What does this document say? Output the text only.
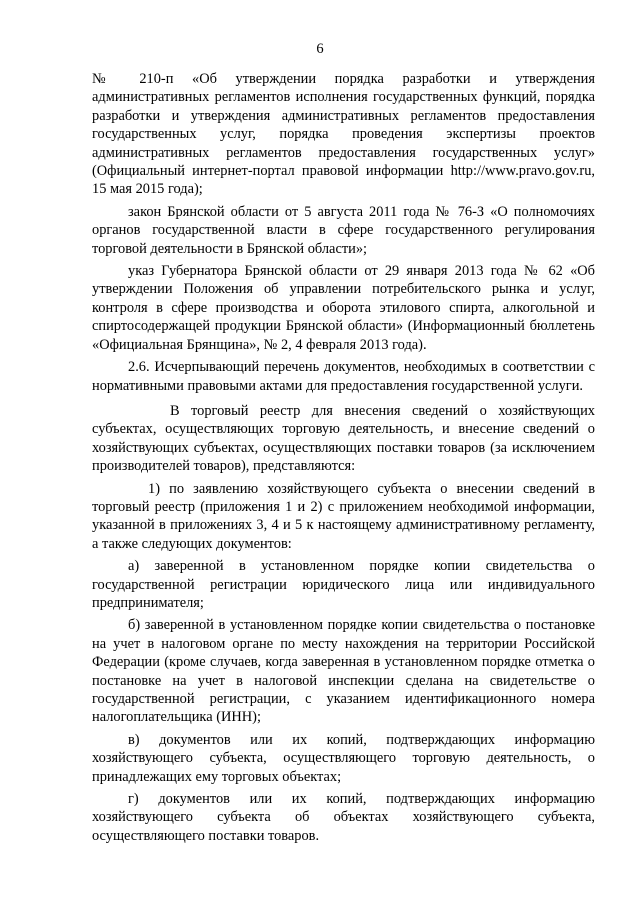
6

№ 210-п «Об утверждении порядка разработки и утверждения административных регламентов исполнения государственных функций, порядка разработки и утверждения административных регламентов предоставления государственных услуг, порядка проведения экспертизы проектов административных регламентов предоставления государственных услуг» (Официальный интернет-портал правовой информации http://www.pravo.gov.ru, 15 мая 2015 года);

закон Брянской области от 5 августа 2011 года № 76-З «О полномочиях органов государственной власти в сфере государственного регулирования торговой деятельности в Брянской области»;

указ Губернатора Брянской области от 29 января 2013 года № 62 «Об утверждении Положения об управлении потребительского рынка и услуг, контроля в сфере производства и оборота этилового спирта, алкогольной и спиртосодержащей продукции Брянской области» (Информационный бюллетень «Официальная Брянщина», № 2, 4 февраля 2013 года).

2.6. Исчерпывающий перечень документов, необходимых в соответствии с нормативными правовыми актами для предоставления государственной услуги.

В торговый реестр для внесения сведений о хозяйствующих субъектах, осуществляющих торговую деятельность, и внесение сведений о хозяйствующих субъектах, осуществляющих поставки товаров (за исключением производителей товаров), представляются:

1) по заявлению хозяйствующего субъекта о внесении сведений в торговый реестр (приложения 1 и 2) с приложением необходимой информации, указанной в приложениях 3, 4 и 5 к настоящему административному регламенту, а также следующих документов:

а) заверенной в установленном порядке копии свидетельства о государственной регистрации юридического лица или индивидуального предпринимателя;

б) заверенной в установленном порядке копии свидетельства о постановке на учет в налоговом органе по месту нахождения на территории Российской Федерации (кроме случаев, когда заверенная в установленном порядке отметка о постановке на учет в налоговой инспекции сделана на свидетельстве о государственной регистрации, с указанием идентификационного номера налогоплательщика (ИНН);

в) документов или их копий, подтверждающих информацию хозяйствующего субъекта, осуществляющего торговую деятельность, о принадлежащих ему торговых объектах;

г) документов или их копий, подтверждающих информацию хозяйствующего субъекта об объектах хозяйствующего субъекта, осуществляющего поставки товаров.
